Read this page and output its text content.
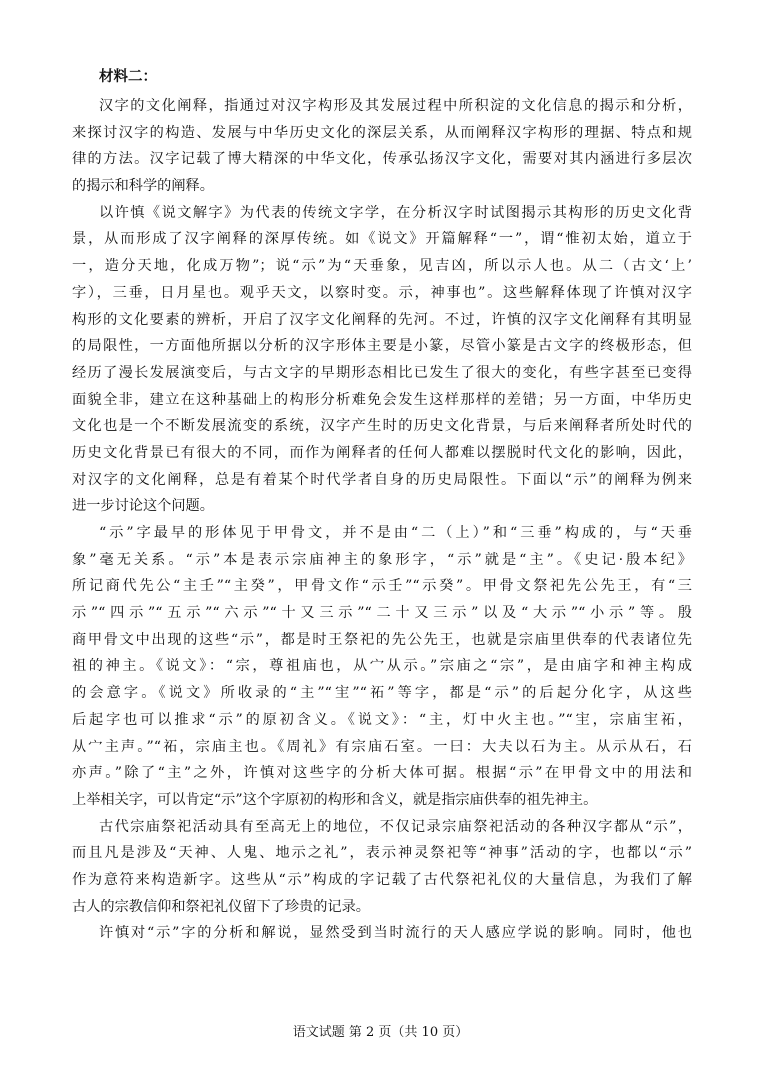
材料二：
汉字的文化阐释，指通过对汉字构形及其发展过程中所积淀的文化信息的揭示和分析，
来探讨汉字的构造、发展与中华历史文化的深层关系，从而阐释汉字构形的理据、特点和规
律的方法。汉字记载了博大精深的中华文化，传承弘扬汉字文化，需要对其内涵进行多层次
的揭示和科学的阐释。
以许慎《说文解字》为代表的传统文字学，在分析汉字时试图揭示其构形的历史文化背
景，从而形成了汉字阐释的深厚传统。如《说文》开篇解释“一”，谓“惟初太始，道立于
一，造分天地，化成万物”；说“示”为“天垂象，见吉凶，所以示人也。从二（古文‘上’
字），三垂，日月星也。观乎天文，以察时变。示，神事也”。这些解释体现了许慎对汉字
构形的文化要素的辨析，开启了汉字文化阐释的先河。不过，许慎的汉字文化阐释有其明显
的局限性，一方面他所据以分析的汉字形体主要是小篆，尽管小篆是古文字的终极形态，但
经历了漫长发展演变后，与古文字的早期形态相比已发生了很大的变化，有些字甚至已变得
面貌全非，建立在这种基础上的构形分析难免会发生这样那样的差错；另一方面，中华历史
文化也是一个不断发展流变的系统，汉字产生时的历史文化背景，与后来阐释者所处时代的
历史文化背景已有很大的不同，而作为阐释者的任何人都难以摆脱时代文化的影响，因此，
对汉字的文化阐释，总是有着某个时代学者自身的历史局限性。下面以“示”的阐释为例来
进一步讨论这个问题。
“示”字最早的形体见于甲骨文，并不是由“二（上）”和“三垂”构成的，与“天垂
象”毫无关系。“示”本是表示宗庙神主的象形字，“示”就是“主”。《史记·殷本纪》
所记商代先公“主壬”“主癸”，甲骨文作“示壬”“示癸”。甲骨文祭祀先公先王，有“三
示”“四示”“五示”“六示”“十又三示”“二十又三示”以及“大示”“小示”等。殷
商甲骨文中出现的这些“示”，都是时王祭祀的先公先王，也就是宗庙里供奉的代表诸位先
祖的神主。《说文》：“宗，尊祖庙也，从宀从示。”宗庙之“宗”，是由庙字和神主构成
的会意字。《说文》所收录的“主”“宔”“祏”等字，都是“示”的后起分化字，从这些
后起字也可以推求“示”的原初含义。《说文》：“主，灯中火主也。”“宔，宗庙宔祏，
从宀主声。”“祏，宗庙主也。《周礼》有宗庙石室。一曰：大夫以石为主。从示从石，石
亦声。”除了“主”之外，许慎对这些字的分析大体可据。根据“示”在甲骨文中的用法和
上举相关字，可以肯定“示”这个字原初的构形和含义，就是指宗庙供奉的祖先神主。
古代宗庙祭祀活动具有至高无上的地位，不仅记录宗庙祭祀活动的各种汉字都从“示”，
而且凡是涉及“天神、人鬼、地示之礼”，表示神灵祭祀等“神事”活动的字，也都以“示”
作为意符来构造新字。这些从“示”构成的字记载了古代祭祀礼仪的大量信息，为我们了解
古人的宗教信仰和祭祀礼仪留下了珍贵的记录。
许慎对“示”字的分析和解说，显然受到当时流行的天人感应学说的影响。同时，他也
语文试题 第 2 页（共 10 页）
